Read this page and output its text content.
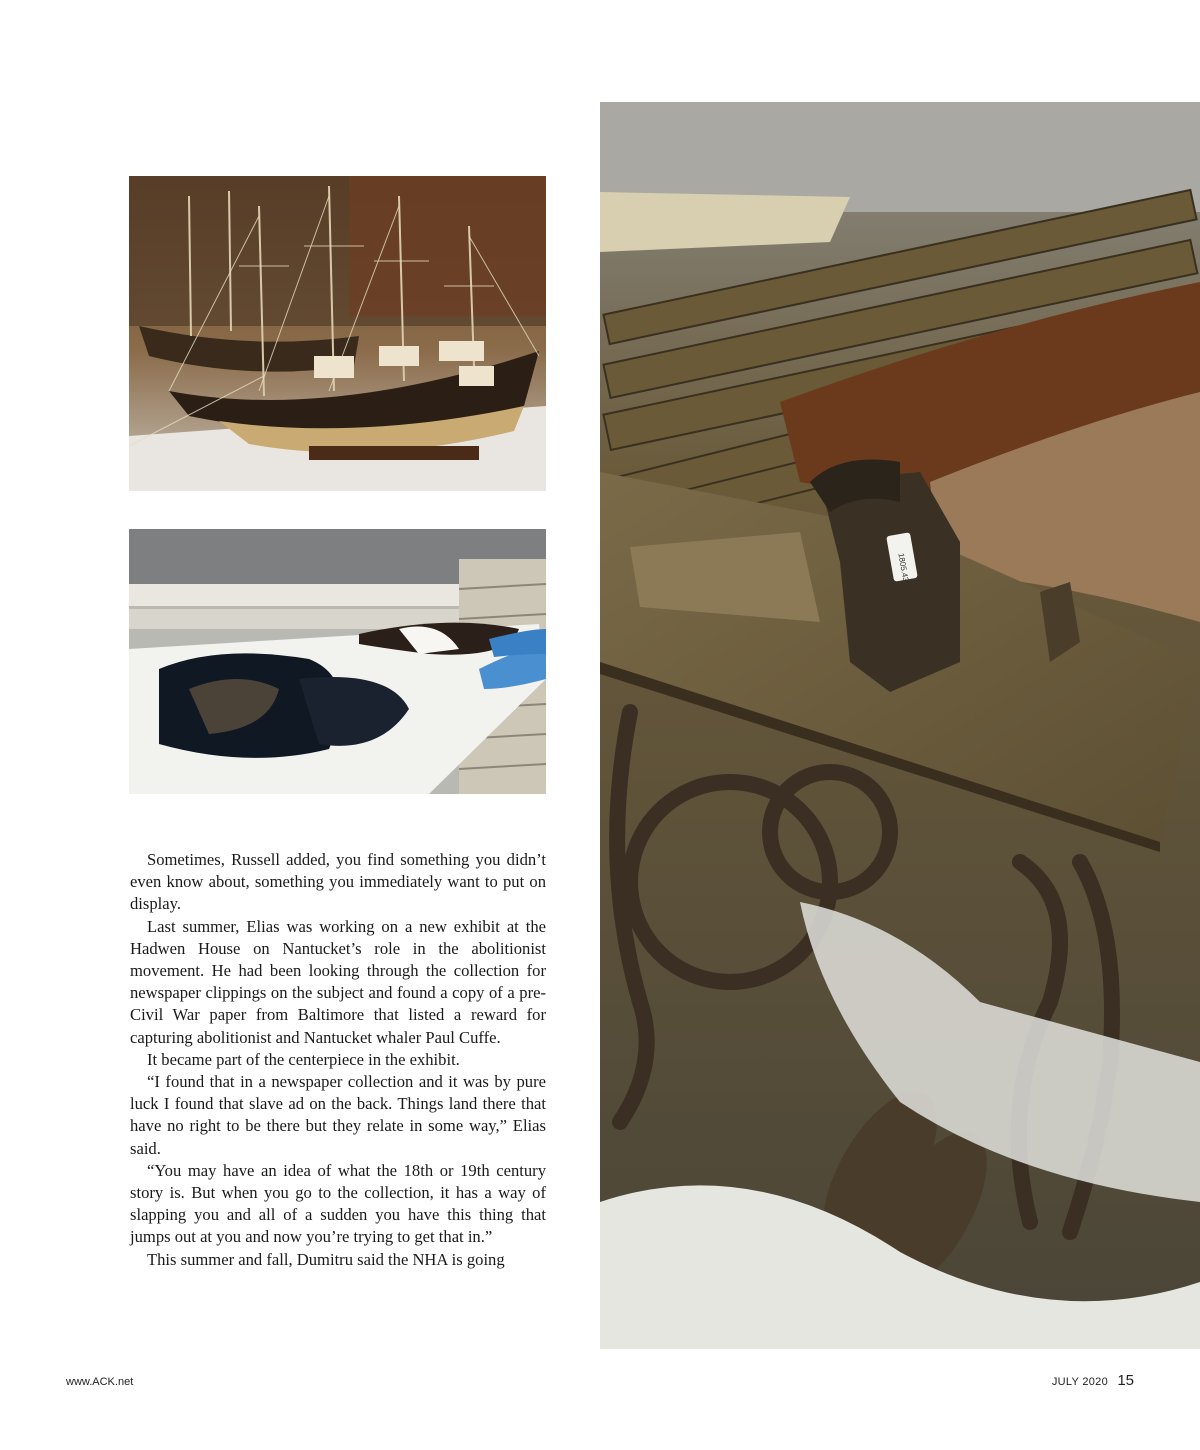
1805.43

Sometimes, Russell added, you find something you didn’t even know about, something you immediately want to put on display.

Last summer, Elias was working on a new exhibit at the Hadwen House on Nantucket’s role in the abolitionist movement. He had been looking through the collection for newspaper clippings on the subject and found a copy of a pre-Civil War paper from Baltimore that listed a reward for capturing abolitionist and Nantucket whaler Paul Cuffe.

It became part of the centerpiece in the exhibit.

“I found that in a newspaper collection and it was by pure luck I found that slave ad on the back. Things land there that have no right to be there but they relate in some way,” Elias said.

“You may have an idea of what the 18th or 19th century story is. But when you go to the collection, it has a way of slapping you and all of a sudden you have this thing that jumps out at you and now you’re trying to get that in.”

This summer and fall, Dumitru said the NHA is going

www.ACK.net	JULY 2020 15
